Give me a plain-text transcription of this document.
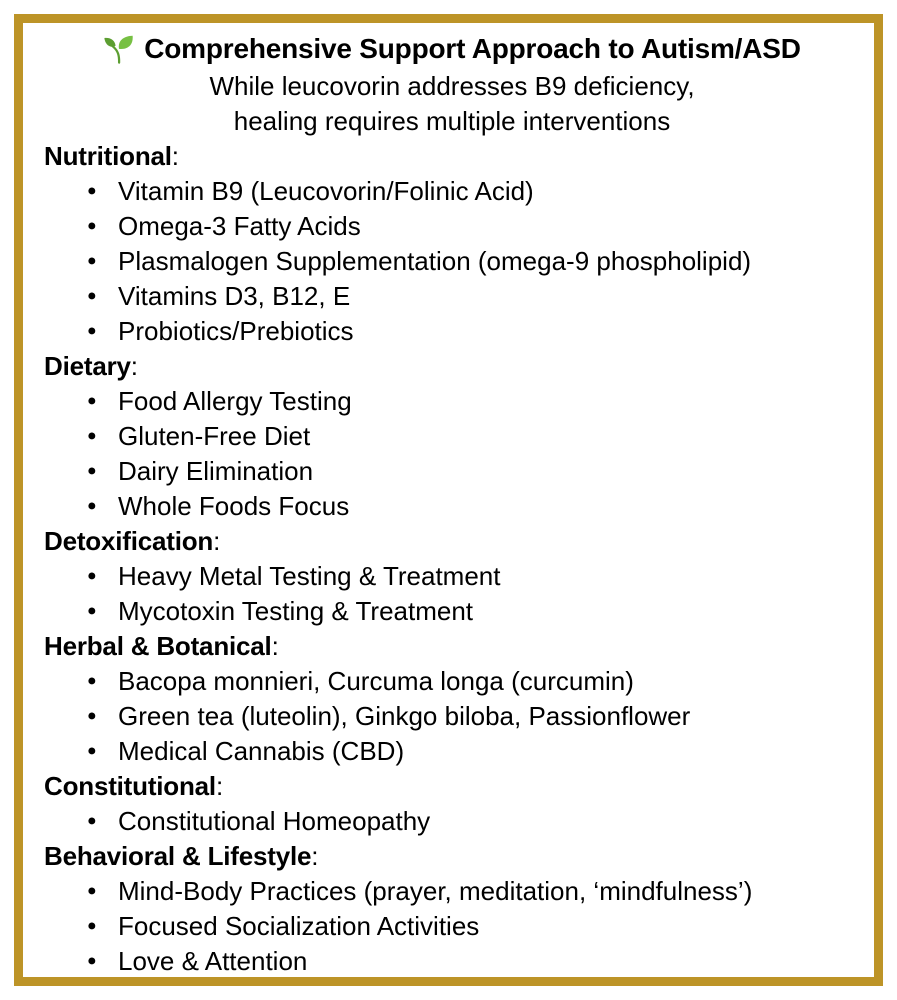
Comprehensive Support Approach to Autism/ASD
While leucovorin addresses B9 deficiency,
healing requires multiple interventions
Nutritional:
● Vitamin B9 (Leucovorin/Folinic Acid)
● Omega-3 Fatty Acids
● Plasmalogen Supplementation (omega-9 phospholipid)
● Vitamins D3, B12, E
● Probiotics/Prebiotics
Dietary:
● Food Allergy Testing
● Gluten-Free Diet
● Dairy Elimination
● Whole Foods Focus
Detoxification:
● Heavy Metal Testing & Treatment
● Mycotoxin Testing & Treatment
Herbal & Botanical:
● Bacopa monnieri, Curcuma longa (curcumin)
● Green tea (luteolin), Ginkgo biloba, Passionflower
● Medical Cannabis (CBD)
Constitutional:
● Constitutional Homeopathy
Behavioral & Lifestyle:
● Mind-Body Practices (prayer, meditation, ‘mindfulness’)
● Focused Socialization Activities
● Love & Attention
